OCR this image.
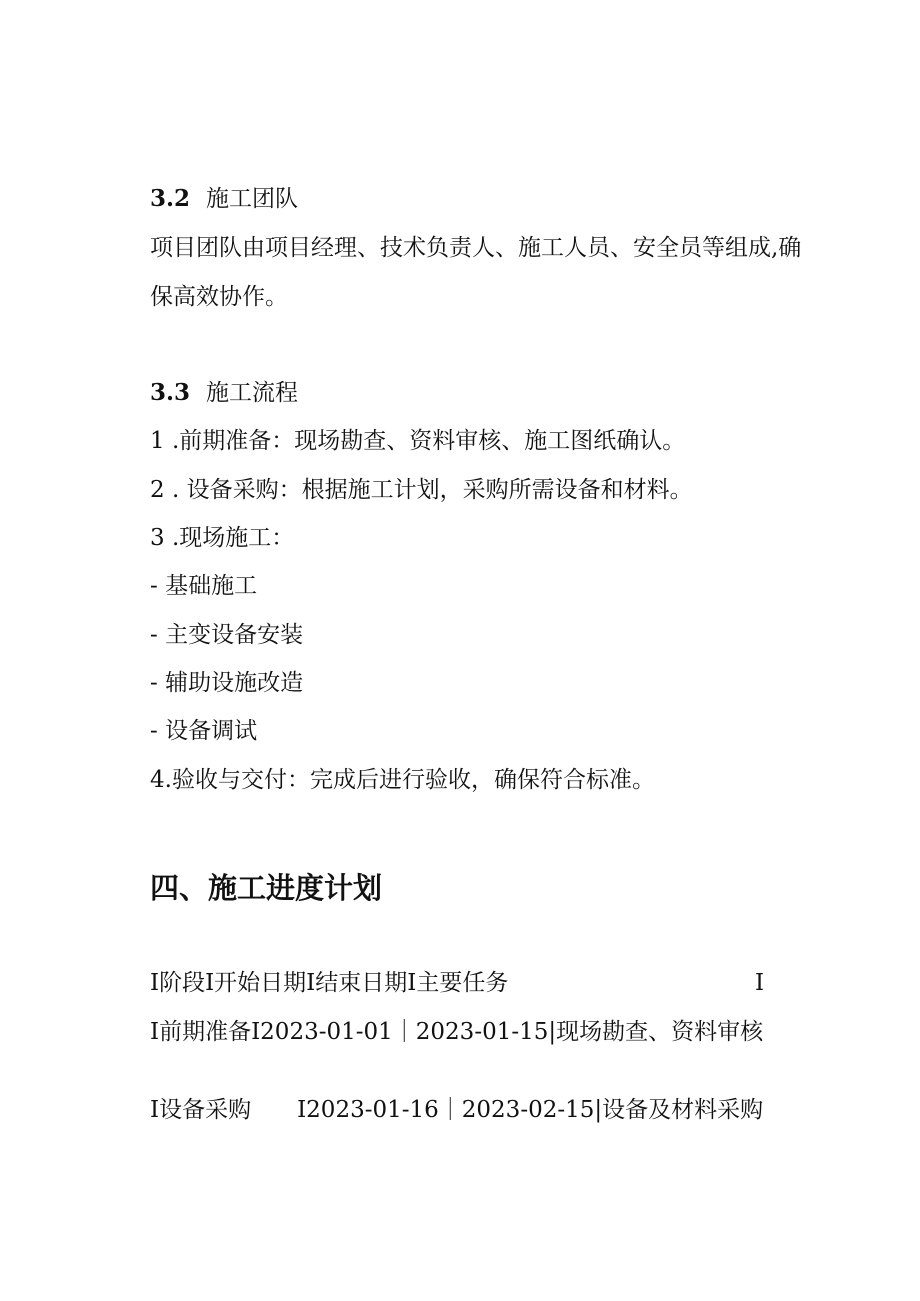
3.2 施工团队
项目团队由项目经理、技术负责人、施工人员、安全员等组成,确
保高效协作。
3.3 施工流程
1 .前期准备：现场勘查、资料审核、施工图纸确认。
2 . 设备采购：根据施工计划，采购所需设备和材料。
3 .现场施工：
- 基础施工
- 主变设备安装
- 辅助设施改造
- 设备调试
4.验收与交付：完成后进行验收，确保符合标准。
四、施工进度计划
I阶段I开始日期I结束日期I主要任务	I
I前期准备I2023-01-01｜2023-01-15|现场勘查、资料审核
I设备采购　　I2023-01-16｜2023-02-15|设备及材料采购
